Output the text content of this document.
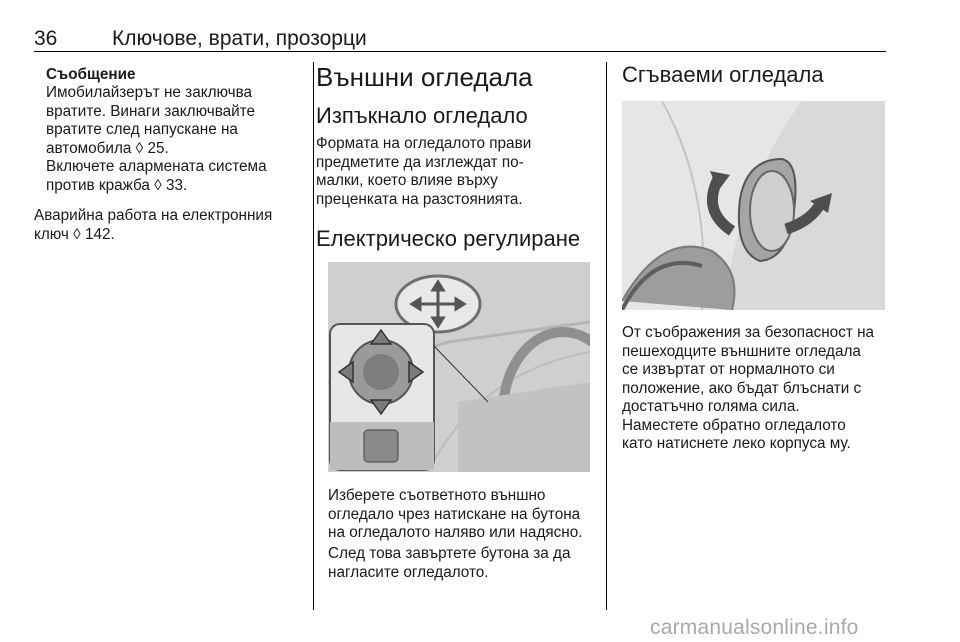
36	Ключове, врати, прозорци
Съобщение
Имобилайзерът не заключва
вратите. Винаги заключвайте
вратите след напускане на
автомобила ◊ 25.
Включете алармената система
против кражба ◊ 33.
Аварийна работа на електронния
ключ ◊ 142.
Външни огледала
Изпъкнало огледало
Формата на огледалото прави
предметите да изглеждат по-
малки, което влияе върху
преценката на разстоянията.
Електрическо регулиране
Изберете съответното външно
огледало чрез натискане на бутона
на огледалото наляво или надясно.
След това завъртете бутона за да
нагласите огледалото.
Сгъваеми огледала
От съображения за безопасност на
пешеходците външните огледала
се извъртат от нормалното си
положение, ако бъдат блъснати с
достатъчно голяма сила.
Наместете обратно огледалото
като натиснете леко корпуса му.
carmanualsonline.info
